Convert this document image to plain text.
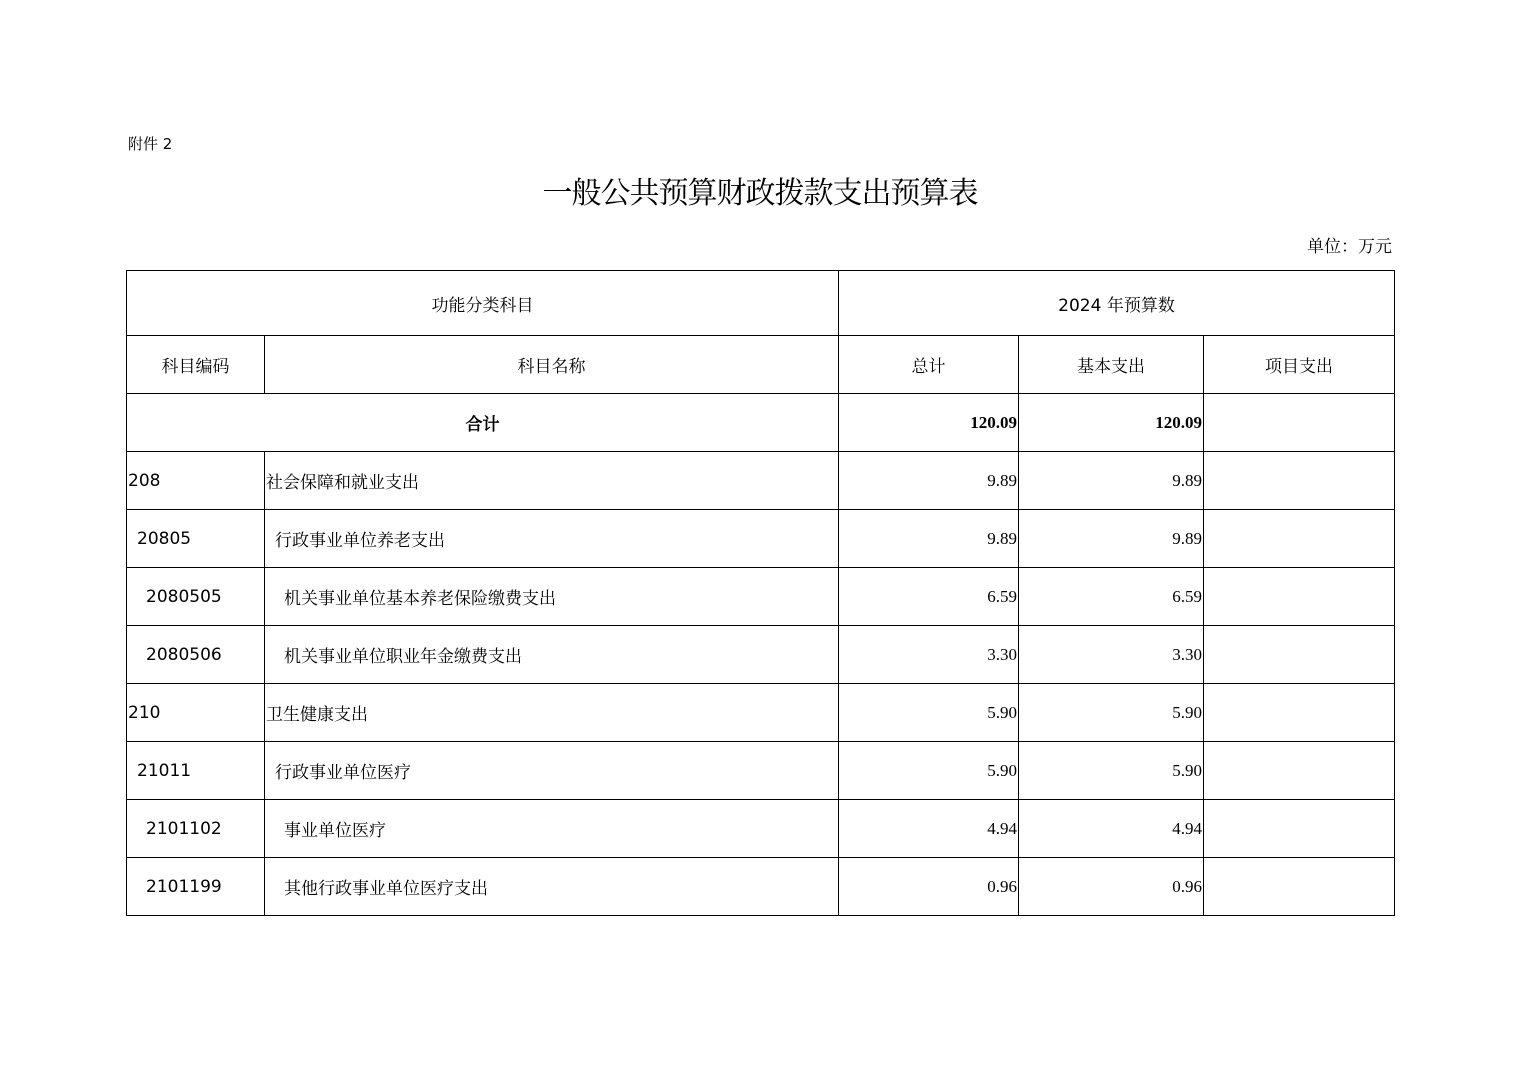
附件 2
一般公共预算财政拨款支出预算表
单位：万元
功能分类科目		2024 年预算数		
科目编码	科目名称	总计	基本支出	项目支出
合计		120.09	120.09	
208	社会保障和就业支出	9.89	9.89	
20805	行政事业单位养老支出	9.89	9.89	
2080505	机关事业单位基本养老保险缴费支出	6.59	6.59	
2080506	机关事业单位职业年金缴费支出	3.30	3.30	
210	卫生健康支出	5.90	5.90	
21011	行政事业单位医疗	5.90	5.90	
2101102	事业单位医疗	4.94	4.94	
2101199	其他行政事业单位医疗支出	0.96	0.96	
